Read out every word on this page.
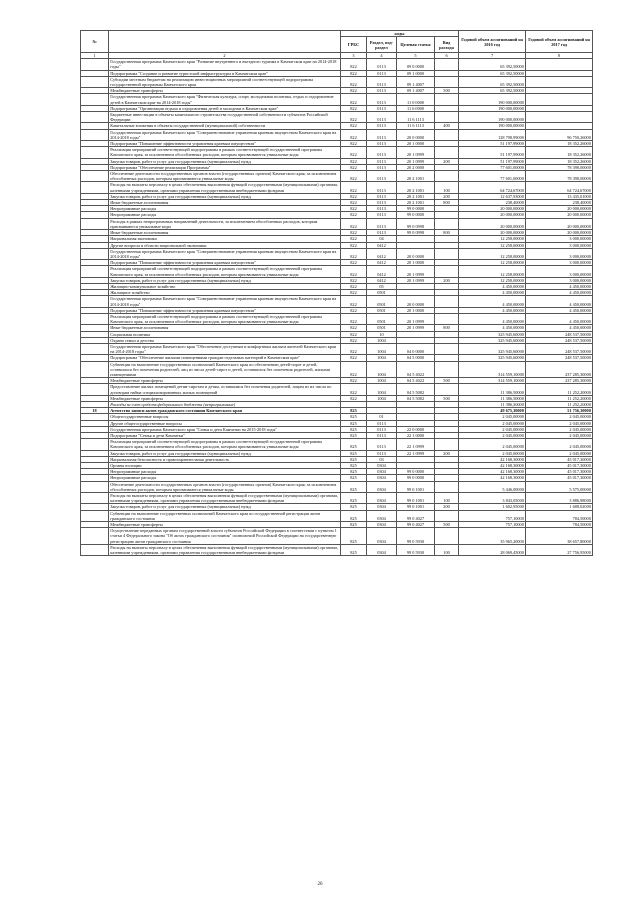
№		коды				Годовой объем ассигнований на 2016 год	Годовой объем ассигнований на 2017 год
		ГРБС	Раздел, под-раздел	Целевая статья	Вид расхода		
1	2	3	4	5	6	7	8
	Государственная программа Камчатского края "Развитие внутреннего и въездного туризма в Камчатском крае на 2014-2018 годы"	822	0113	09 0 0000		65 392,50000	
	Подпрограмма "Создание и развитие туристской инфраструктуры в Камчатском крае"	822	0113	09 1 0000		65 392,50000	
	Субсидии местным бюджетам на реализацию инвестиционных мероприятий соответствующей подпрограммы государственной программы Камчатского края	822	0113	09 1 4007		65 392,50000	
	Межбюджетные трансферты	822	0113	09 1 4007	500	65 392,50000	
	Государственная программа Камчатского края "Физическая культура, спорт, молодежная политика, отдых и оздоровление детей в Камчатском крае на 2014-2018 годы"	822	0113	11 0 0000		190 000,00000	
	Подпрограмма "Организация отдыха и оздоровления детей и молодежи в Камчатском крае"	822	0113	11 6 0000		190 000,00000	
	Бюджетные инвестиции в объекты капитального строительства государственной собственности субъектов Российской Федерации	822	0113	11 6 1113		190 000,00000	
	Капитальные вложения в объекты государственной (муниципальной) собственности	822	0113	11 6 1113	400	190 000,00000	
	Государственная программа Камчатского края "Совершенствование управления краевым имуществом Камчатского края на 2014-2018 годы"	822	0113	20 0 0000		128 798,99000	96 750,26000
	Подпрограмма "Повышение эффективности управления краевым имуществом"	822	0113	20 1 0000		51 197,99000	18 352,26000
	Реализация мероприятий соответствующей подпрограммы в рамках соответствующей государственной программы Камчатского края, за исключением обособленных расходов, которым присваиваются уникальные коды	822	0113	20 1 0999		51 197,99000	18 352,26000
	Закупка товаров, работ и услуг для государственных (муниципальных) нужд	822	0113	20 1 0999	200	51 197,99000	18 352,26000
	Подпрограмма "Обеспечение реализации Программы"	822	0113	20 2 0000		77 601,00000	78 398,00000
	Обеспечение деятельности государственных органов власти (государственных органов) Камчатского края, за исключением обособленных расходов, которым присваиваются уникальные коды	822	0113	20 2 1001		77 601,00000	78 398,00000
	Расходы на выплаты персоналу в целях обеспечения выполнения функций государственными (муниципальными) органами, казенными учреждениями, органами управления государственными внебюджетными фондами	822	0113	20 2 1001	100	64 724,67000	64 724,67000
	Закупка товаров, работ и услуг для государственных (муниципальных) нужд	822	0113	20 2 1001	200	12 637,93000	13 435,01000
	Иные бюджетные ассигнования	822	0113	20 2 1001	800	238,40000	238,40000
	Непрограммные расходы	822	0113	99 0 0000		20 000,00000	20 000,00000
	Непрограммные расходы	822	0113	99 0 0000		20 000,00000	20 000,00000
	Расходы в рамках непрограммных направлений деятельности, за исключением обособленных расходов, которым присваиваются уникальные коды	822	0113	99 0 0998		20 000,00000	20 000,00000
	Иные бюджетные ассигнования	822	0113	99 0 0998	800	20 000,00000	20 000,00000
	Национальная экономика	822	04			12 258,00000	3 000,00000
	Другие вопросы в области национальной экономики	822	0412			12 258,00000	3 000,00000
	Государственная программа Камчатского края "Совершенствование управления краевым имуществом Камчатского края на 2014-2018 годы"	822	0412	20 0 0000		12 258,00000	3 000,00000
	Подпрограмма "Повышение эффективности управления краевым имуществом"	822	0412	20 1 0000		12 258,00000	3 000,00000
	Реализация мероприятий соответствующей подпрограммы в рамках соответствующей государственной программы Камчатского края, за исключением обособленных расходов, которым присваиваются уникальные коды	822	0412	20 1 0999		12 258,00000	3 000,00000
	Закупка товаров, работ и услуг для государственных (муниципальных) нужд	822	0412	20 1 0999	200	12 258,00000	3 000,00000
	Жилищно-коммунальное хозяйство	822	05			4 450,00000	4 450,00000
	Жилищное хозяйство	822	0501			4 450,00000	4 450,00000
	Государственная программа Камчатского края "Совершенствование управления краевым имуществом Камчатского края на 2014-2018 годы"	822	0501	20 0 0000		4 450,00000	4 450,00000
	Подпрограмма "Повышение эффективности управления краевым имуществом"	822	0501	20 1 0000		4 450,00000	4 450,00000
	Реализация мероприятий соответствующей подпрограммы в рамках соответствующей государственной программы Камчатского края, за исключением обособленных расходов, которым присваиваются уникальные коды	822	0501	20 1 0999		4 450,00000	4 450,00000
	Иные бюджетные ассигнования	822	0501	20 1 0999	800	4 450,00000	4 450,00000
	Социальная политика	822	10			325 945,60000	248 537,50000
	Охрана семьи и детства	822	1004			325 945,60000	248 537,50000
	Государственная программа Камчатского края "Обеспечение доступным и комфортным жильем жителей Камчатского края на 2014-2018 годы"	822	1004	04 0 0000		325 945,60000	248 537,50000
	Подпрограмма "Обеспечение жилыми помещениями граждан отдельных категорий в Камчатском крае"	822	1004	04 5 0000		325 945,60000	248 537,50000
	Субвенции на выполнение государственных полномочий Камчатского края по обеспечению детей-сирот и детей, оставшихся без попечения родителей, лиц из числа детей-сирот и детей, оставшихся без попечения родителей, жилыми помещениями	822	1004	04 5 4022		314 559,10000	237 285,30000
	Межбюджетные трансферты	822	1004	04 5 4022	500	314 559,10000	237 285,30000
	Предоставление жилых помещений детям-сиротам и детям, оставшимся без попечения родителей, лицам из их числа по договорам найма специализированных жилых помещений	822	1004	04 5 5082		11 386,50000	11 252,20000
	Межбюджетные трансферты	822	1004	04 5 5082	500	11 386,50000	11 252,20000
	Расходы за счет средств федерального бюджета (непрограммные)					11 386,50000	11 252,20000
18	Агентство записи актов гражданского состояния Камчатского края	825				49 675,30000	51 756,30000
	Общегосударственные вопросы	825	01			2 045,00000	2 045,00000
	Другие общегосударственные вопросы	825	0113			2 045,00000	2 045,00000
	Государственная программа Камчатского края "Семья и дети Камчатки на 2015-2018 годы"	825	0113	22 0 0000		2 045,00000	2 045,00000
	Подпрограмма "Семья и дети Камчатки"	825	0113	22 1 0000		2 045,00000	2 045,00000
	Реализация мероприятий соответствующей подпрограммы в рамках соответствующей государственной программы Камчатского края, за исключением обособленных расходов, которым присваиваются уникальные коды	825	0113	22 1 0999		2 045,00000	2 045,00000
	Закупка товаров, работ и услуг для государственных (муниципальных) нужд	825	0113	22 1 0999	200	2 045,00000	2 045,00000
	Национальная безопасность и правоохранительная деятельность	825	03			42 168,30000	45 017,30000
	Органы юстиции	825	0304			42 168,30000	45 017,30000
	Непрограммные расходы	825	0304	99 0 0000		42 168,30000	45 017,30000
	Непрограммные расходы	825	0304	99 0 0000		42 168,30000	45 017,30000
	Обеспечение деятельности государственных органов власти (государственных органов) Камчатского края, за исключением обособленных расходов, которым присваиваются уникальные коды	825	0304	99 0 1001		5 446,00000	5 575,00000
	Расходы на выплаты персоналу в целях обеспечения выполнения функций государственными (муниципальными) органами, казенными учреждениями, органами управления государственными внебюджетными фондами	825	0304	99 0 1001	100	3 843,05000	3 886,98000
	Закупка товаров, работ и услуг для государственных (муниципальных) нужд	825	0304	99 0 1001	200	1 602,95000	1 688,02000
	Субвенции на выполнение государственных полномочий Камчатского края по государственной регистрации актов гражданского состояния	825	0304	99 0 4027		757,10000	784,50000
	Межбюджетные трансферты	825	0304	99 0 4027	500	757,10000	784,50000
	Осуществление переданных органам государственной власти субъектов Российской Федерации в соответствии с пунктом 1 статьи 4 Федерального закона "Об актах гражданского состояния" полномочий Российской Федерации на государственную регистрацию актов гражданского состояния	825	0304	99 0 5930		35 965,20000	38 657,80000
	Расходы на выплаты персоналу в целях обеспечения выполнения функций государственными (муниципальными) органами, казенными учреждениями, органами управления государственными внебюджетными фондами	825	0304	99 0 5930	100	28 069,45000	27 756,95000
26
